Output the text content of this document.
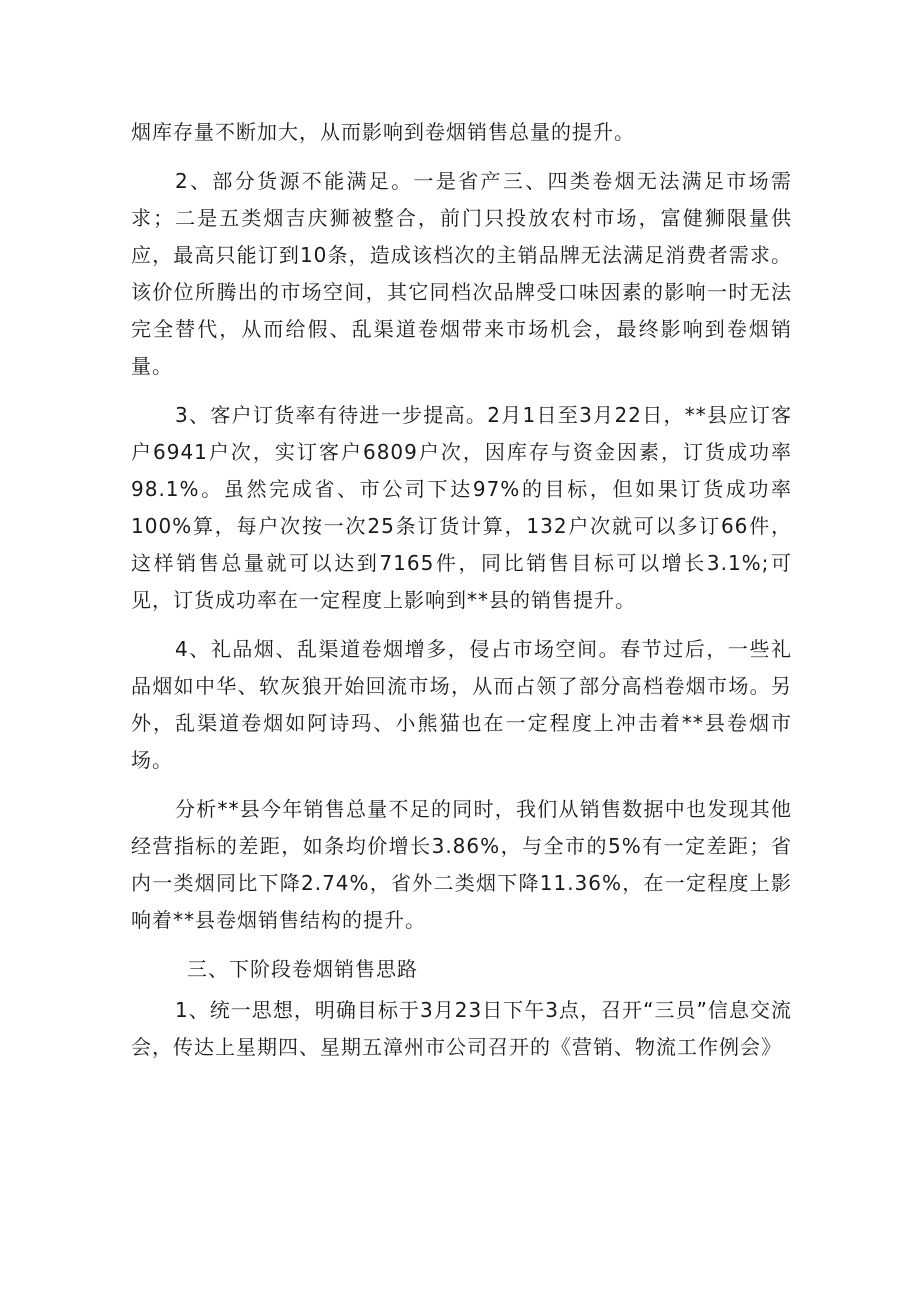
烟库存量不断加大，从而影响到卷烟销售总量的提升。

2、部分货源不能满足。一是省产三、四类卷烟无法满足市场需求；二是五类烟吉庆狮被整合，前门只投放农村市场，富健狮限量供应，最高只能订到10条，造成该档次的主销品牌无法满足消费者需求。该价位所腾出的市场空间，其它同档次品牌受口味因素的影响一时无法完全替代，从而给假、乱渠道卷烟带来市场机会，最终影响到卷烟销量。

3、客户订货率有待进一步提高。2月1日至3月22日，**县应订客户6941户次，实订客户6809户次，因库存与资金因素，订货成功率98.1%。虽然完成省、市公司下达97%的目标，但如果订货成功率100%算，每户次按一次25条订货计算，132户次就可以多订66件，这样销售总量就可以达到7165件，同比销售目标可以增长3.1%;可见，订货成功率在一定程度上影响到**县的销售提升。

4、礼品烟、乱渠道卷烟增多，侵占市场空间。春节过后，一些礼品烟如中华、软灰狼开始回流市场，从而占领了部分高档卷烟市场。另外，乱渠道卷烟如阿诗玛、小熊猫也在一定程度上冲击着**县卷烟市场。

分析**县今年销售总量不足的同时，我们从销售数据中也发现其他经营指标的差距，如条均价增长3.86%，与全市的5%有一定差距；省内一类烟同比下降2.74%，省外二类烟下降11.36%，在一定程度上影响着**县卷烟销售结构的提升。

三、下阶段卷烟销售思路

1、统一思想，明确目标于3月23日下午3点，召开“三员”信息交流会，传达上星期四、星期五漳州市公司召开的《营销、物流工作例会》
